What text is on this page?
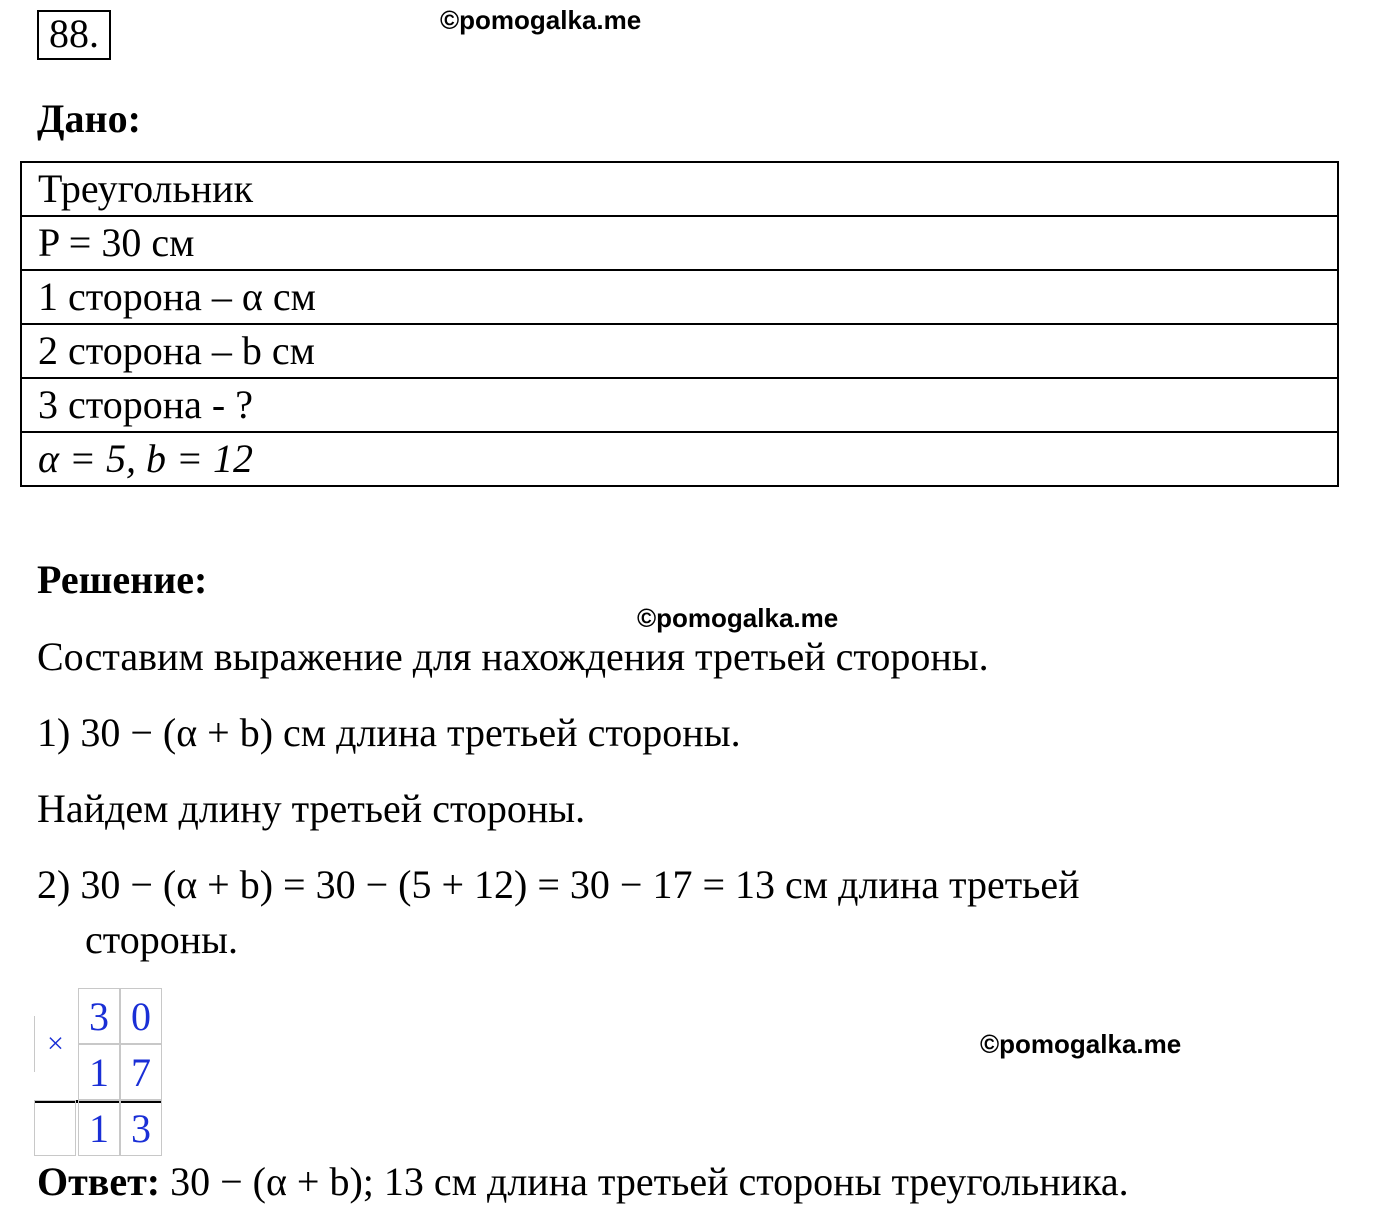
88.	©pomogalka.me
©pomogalka.me
©pomogalka.me
Дано:
Треугольник
P = 30 см
1 сторона – α см
2 сторона – b см
3 сторона - ?
α = 5, b = 12
Решение:
Составим выражение для нахождения третьей стороны.
1) 30 − (α + b) см длина третьей стороны.
Найдем длину третьей стороны.
2) 30 − (α + b) = 30 − (5 + 12) = 30 − 17 = 13 см длина третьей
стороны.
×
3 0
1 7
1 3
Ответ: 30 − (α + b); 13 см длина третьей стороны треугольника.
